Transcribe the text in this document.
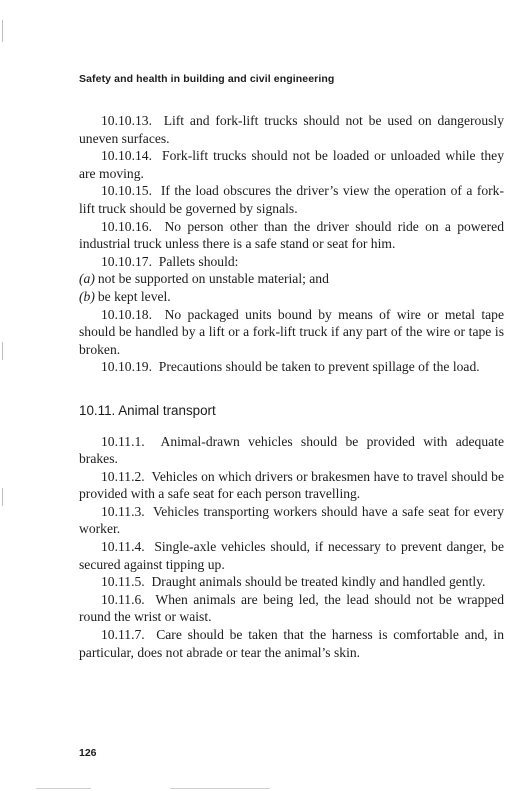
Safety and health in building and civil engineering

10.10.13. Lift and fork-lift trucks should not be used on dangerously uneven surfaces.

10.10.14. Fork-lift trucks should not be loaded or unloaded while they are moving.

10.10.15. If the load obscures the driver’s view the operation of a fork-lift truck should be governed by signals.

10.10.16. No person other than the driver should ride on a powered industrial truck unless there is a safe stand or seat for him.

10.10.17. Pallets should:

(a) not be supported on unstable material; and

(b) be kept level.

10.10.18. No packaged units bound by means of wire or metal tape should be handled by a lift or a fork-lift truck if any part of the wire or tape is broken.

10.10.19. Precautions should be taken to prevent spillage of the load.

10.11. Animal transport

10.11.1. Animal-drawn vehicles should be provided with adequate brakes.

10.11.2. Vehicles on which drivers or brakesmen have to travel should be provided with a safe seat for each person travelling.

10.11.3. Vehicles transporting workers should have a safe seat for every worker.

10.11.4. Single-axle vehicles should, if necessary to prevent danger, be secured against tipping up.

10.11.5. Draught animals should be treated kindly and handled gently.

10.11.6. When animals are being led, the lead should not be wrapped round the wrist or waist.

10.11.7. Care should be taken that the harness is comfortable and, in particular, does not abrade or tear the animal’s skin.

126
